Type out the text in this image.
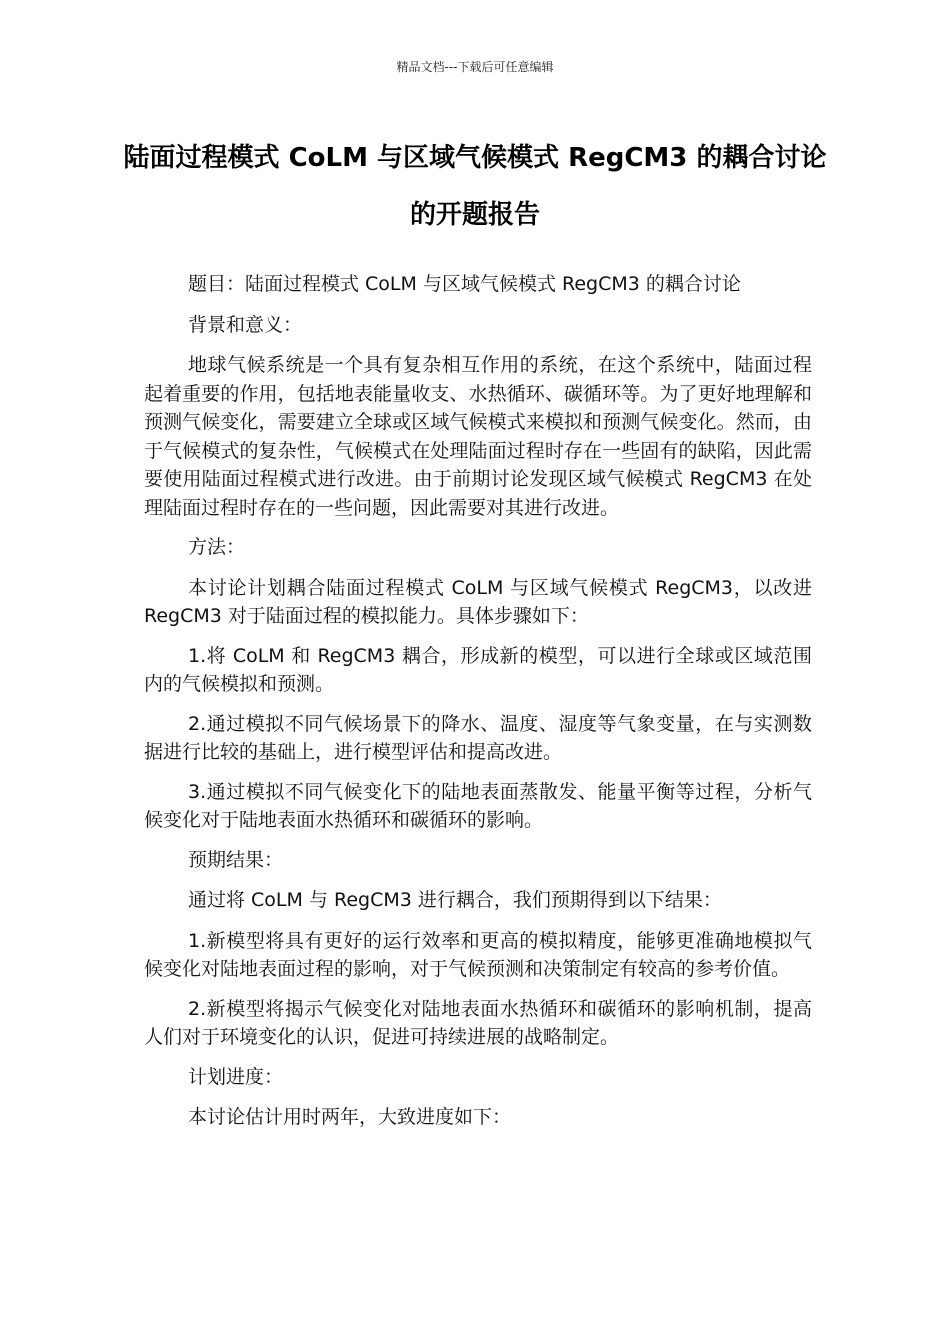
精品文档---下载后可任意编辑
陆面过程模式 CoLM 与区域气候模式 RegCM3 的耦合讨论的开题报告

题目：陆面过程模式 CoLM 与区域气候模式 RegCM3 的耦合讨论

背景和意义：

地球气候系统是一个具有复杂相互作用的系统，在这个系统中，陆面过程起着重要的作用，包括地表能量收支、水热循环、碳循环等。为了更好地理解和预测气候变化，需要建立全球或区域气候模式来模拟和预测气候变化。然而，由于气候模式的复杂性，气候模式在处理陆面过程时存在一些固有的缺陷，因此需要使用陆面过程模式进行改进。由于前期讨论发现区域气候模式 RegCM3 在处理陆面过程时存在的一些问题，因此需要对其进行改进。

方法：

本讨论计划耦合陆面过程模式 CoLM 与区域气候模式 RegCM3，以改进 RegCM3 对于陆面过程的模拟能力。具体步骤如下：

1.将 CoLM 和 RegCM3 耦合，形成新的模型，可以进行全球或区域范围内的气候模拟和预测。

2.通过模拟不同气候场景下的降水、温度、湿度等气象变量，在与实测数据进行比较的基础上，进行模型评估和提高改进。

3.通过模拟不同气候变化下的陆地表面蒸散发、能量平衡等过程，分析气候变化对于陆地表面水热循环和碳循环的影响。

预期结果：

通过将 CoLM 与 RegCM3 进行耦合，我们预期得到以下结果：

1.新模型将具有更好的运行效率和更高的模拟精度，能够更准确地模拟气候变化对陆地表面过程的影响，对于气候预测和决策制定有较高的参考价值。

2.新模型将揭示气候变化对陆地表面水热循环和碳循环的影响机制，提高人们对于环境变化的认识，促进可持续进展的战略制定。

计划进度：

本讨论估计用时两年，大致进度如下：
